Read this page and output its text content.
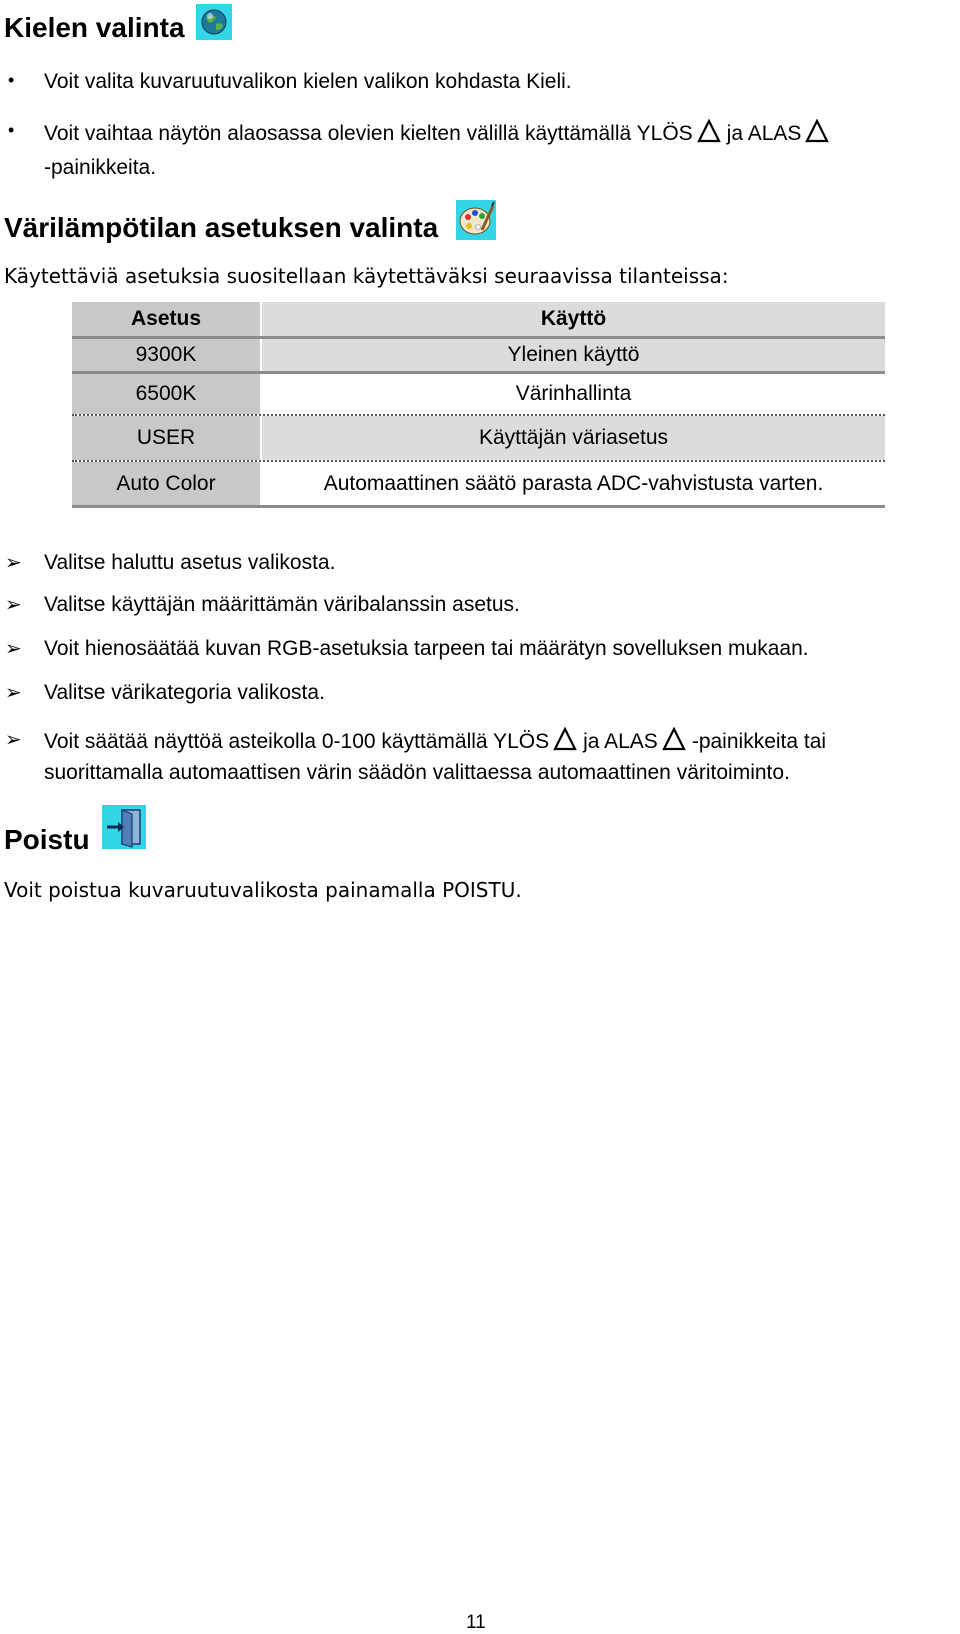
Kielen valinta
• Voit valita kuvaruutuvalikon kielen valikon kohdasta Kieli.
• Voit vaihtaa näytön alaosassa olevien kielten välillä käyttämällä YLÖS ja ALAS
-painikkeita.
Värilämpötilan asetuksen valinta
Käytettäviä asetuksia suositellaan käytettäväksi seuraavissa tilanteissa:
Asetus	Käyttö
9300K	Yleinen käyttö
6500K	Värinhallinta
USER	Käyttäjän väriasetus
Auto Color	Automaattinen säätö parasta ADC-vahvistusta varten.
➢ Valitse haluttu asetus valikosta.
➢ Valitse käyttäjän määrittämän väribalanssin asetus.
➢ Voit hienosäätää kuvan RGB-asetuksia tarpeen tai määrätyn sovelluksen mukaan.
➢ Valitse värikategoria valikosta.
➢ Voit säätää näyttöä asteikolla 0-100 käyttämällä YLÖS ja ALAS -painikkeita tai
suorittamalla automaattisen värin säädön valittaessa automaattinen väritoiminto.
Poistu
Voit poistua kuvaruutuvalikosta painamalla POISTU.
11
